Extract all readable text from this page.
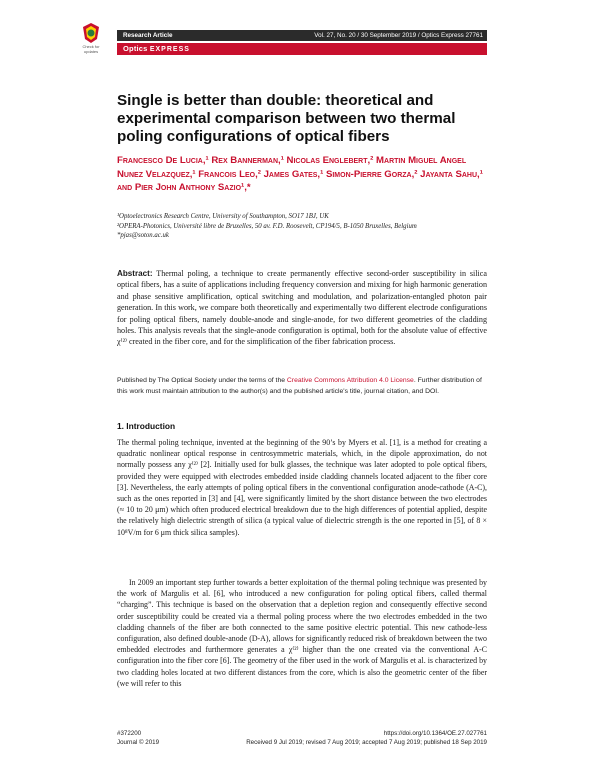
Check for updates
Research Article	Vol. 27, No. 20 / 30 September 2019 / Optics Express 27761
Optics EXPRESS
Single is better than double: theoretical and experimental comparison between two thermal poling configurations of optical fibers
Francesco De Lucia,¹ Rex Bannerman,¹ Nicolas Englebert,² Martin Miguel Angel Nunez Velazquez,¹ Francois Leo,² James Gates,¹ Simon-Pierre Gorza,² Jayanta Sahu,¹ and Pier John Anthony Sazio¹,*
¹Optoelectronics Research Centre, University of Southampton, SO17 1BJ, UK
²OPERA-Photonics, Université libre de Bruxelles, 50 av. F.D. Roosevelt, CP194/5, B-1050 Bruxelles, Belgium
*pjas@soton.ac.uk
Abstract: Thermal poling, a technique to create permanently effective second-order susceptibility in silica optical fibers, has a suite of applications including frequency conversion and mixing for high harmonic generation and phase sensitive amplification, optical switching and modulation, and polarization-entangled photon pair generation. In this work, we compare both theoretically and experimentally two different electrode configurations for poling optical fibers, namely double-anode and single-anode, for two different geometries of the cladding holes. This analysis reveals that the single-anode configuration is optimal, both for the absolute value of effective χ⁽²⁾ created in the fiber core, and for the simplification of the fiber fabrication process.
Published by The Optical Society under the terms of the Creative Commons Attribution 4.0 License. Further distribution of this work must maintain attribution to the author(s) and the published article's title, journal citation, and DOI.
1. Introduction
The thermal poling technique, invented at the beginning of the 90’s by Myers et al. [1], is a method for creating a quadratic nonlinear optical response in centrosymmetric materials, which, in the dipole approximation, do not normally possess any χ⁽²⁾ [2]. Initially used for bulk glasses, the technique was later adopted to pole optical fibers, provided they were equipped with electrodes embedded inside cladding channels located adjacent to the fiber core [3]. Nevertheless, the early attempts of poling optical fibers in the conventional configuration anode-cathode (A-C), such as the ones reported in [3] and [4], were significantly limited by the short distance between the two electrodes (≈ 10 to 20 μm) which often produced electrical breakdown due to the high differences of potential applied, despite the relatively high dielectric strength of silica (a typical value of dielectric strength is the one reported in [5], of 8 × 10⁸V/m for 6 μm thick silica samples).
In 2009 an important step further towards a better exploitation of the thermal poling technique was presented by the work of Margulis et al. [6], who introduced a new configuration for poling optical fibers, called thermal “charging”. This technique is based on the observation that a depletion region and consequently effective second order susceptibility could be created via a thermal poling process where the two electrodes embedded in the two cladding channels of the fiber are both connected to the same positive electric potential. This new cathode-less configuration, also defined double-anode (D-A), allows for significantly reduced risk of breakdown between the two embedded electrodes and furthermore generates a χ⁽²⁾ higher than the one created via the conventional A-C configuration into the fiber core [6]. The geometry of the fiber used in the work of Margulis et al. is characterized by two cladding holes located at two different distances from the core, which is also the geometric center of the fiber (we will refer to this
#372200
Journal © 2019
https://doi.org/10.1364/OE.27.027761
Received 9 Jul 2019; revised 7 Aug 2019; accepted 7 Aug 2019; published 18 Sep 2019
